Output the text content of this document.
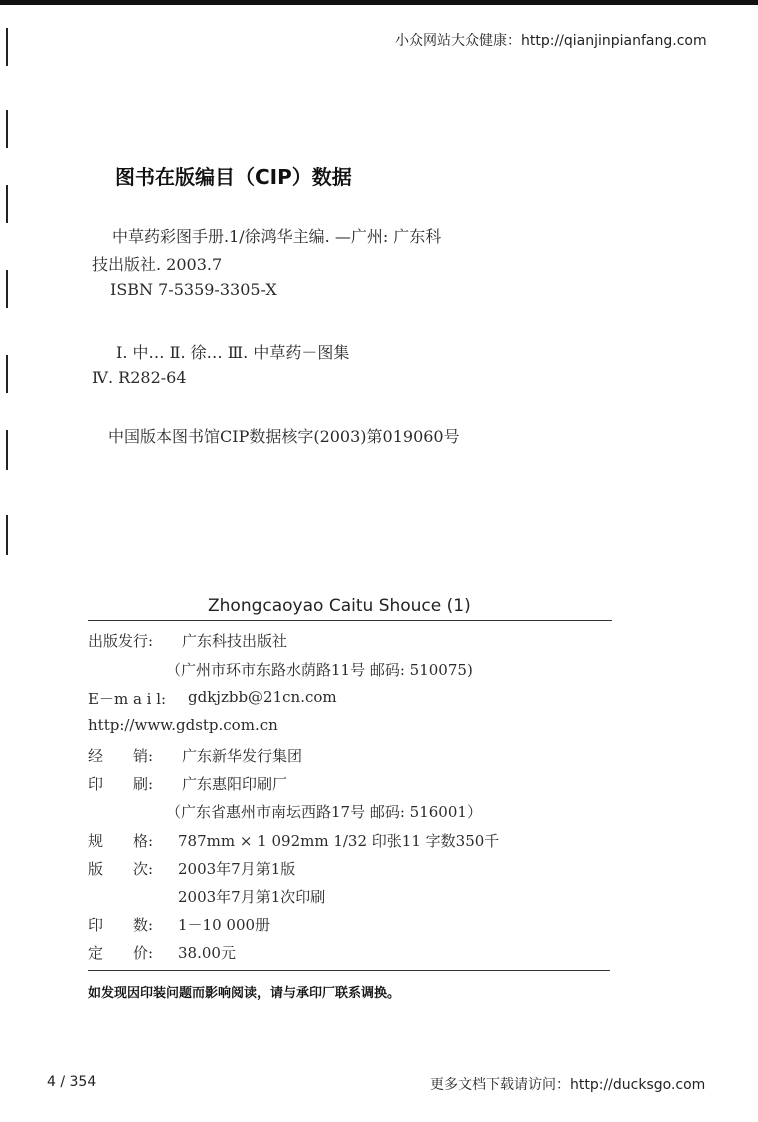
小众网站大众健康：http://qianjinpianfang.com
图书在版编目（CIP）数据
中草药彩图手册.1/徐鸿华主编. —广州: 广东科
技出版社. 2003.7
ISBN 7-5359-3305-X
Ⅰ. 中… Ⅱ. 徐… Ⅲ. 中草药－图集
Ⅳ. R282-64
中国版本图书馆CIP数据核字(2003)第019060号
Zhongcaoyao Caitu Shouce (1)
出版发行: 广东科技出版社
（广州市环市东路水荫路11号 邮码: 510075)
E－m a i l: gdkjzbb@21cn.com
http://www.gdstp.com.cn
经　　销: 广东新华发行集团
印　　刷: 广东惠阳印刷厂
（广东省惠州市南坛西路17号 邮码: 516001）
规　　格: 787mm × 1 092mm 1/32 印张11 字数350千
版　　次: 2003年7月第1版
2003年7月第1次印刷
印　　数: 1－10 000册
定　　价: 38.00元
如发现因印装问题而影响阅读，请与承印厂联系调换。
4 / 354	更多文档下载请访问：http://ducksgo.com
